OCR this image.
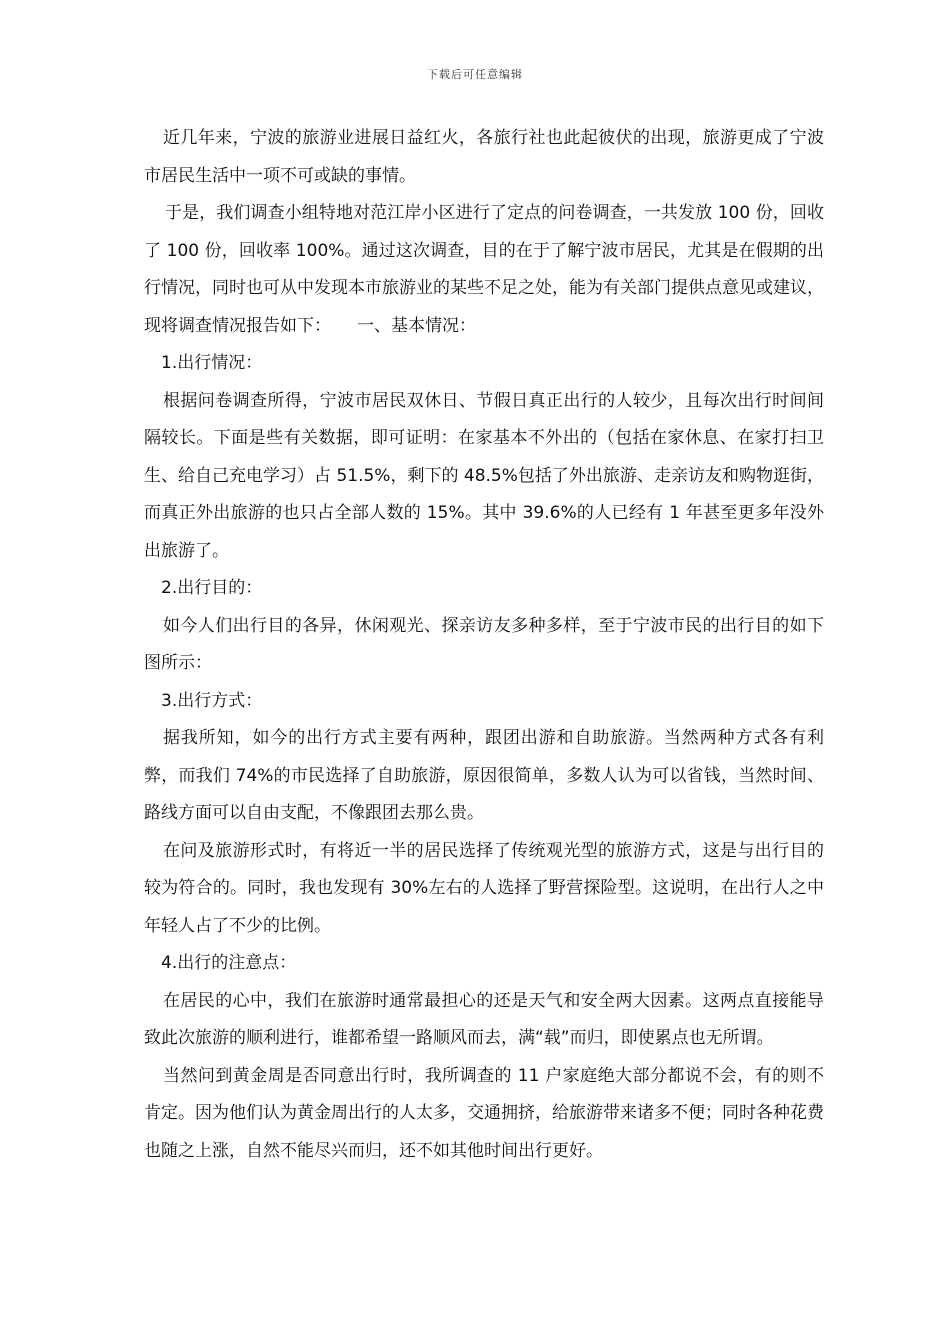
下载后可任意编辑

近几年来，宁波的旅游业进展日益红火，各旅行社也此起彼伏的出现，旅游更成了宁波市居民生活中一项不可或缺的事情。

于是，我们调查小组特地对范江岸小区进行了定点的问卷调查，一共发放 100 份，回收了 100 份，回收率 100%。通过这次调查，目的在于了解宁波市居民，尤其是在假期的出行情况，同时也可从中发现本市旅游业的某些不足之处，能为有关部门提供点意见或建议，现将调查情况报告如下： 一、基本情况：

1.出行情况：

根据问卷调查所得，宁波市居民双休日、节假日真正出行的人较少，且每次出行时间间隔较长。下面是些有关数据，即可证明：在家基本不外出的（包括在家休息、在家打扫卫生、给自己充电学习）占 51.5%，剩下的 48.5%包括了外出旅游、走亲访友和购物逛街，而真正外出旅游的也只占全部人数的 15%。其中 39.6%的人已经有 1 年甚至更多年没外出旅游了。

2.出行目的：

如今人们出行目的各异，休闲观光、探亲访友多种多样，至于宁波市民的出行目的如下图所示：

3.出行方式：

据我所知，如今的出行方式主要有两种，跟团出游和自助旅游。当然两种方式各有利弊，而我们 74%的市民选择了自助旅游，原因很简单，多数人认为可以省钱，当然时间、路线方面可以自由支配，不像跟团去那么贵。

在问及旅游形式时，有将近一半的居民选择了传统观光型的旅游方式，这是与出行目的较为符合的。同时，我也发现有 30%左右的人选择了野营探险型。这说明，在出行人之中年轻人占了不少的比例。

4.出行的注意点：

在居民的心中，我们在旅游时通常最担心的还是天气和安全两大因素。这两点直接能导致此次旅游的顺利进行，谁都希望一路顺风而去，满“载”而归，即使累点也无所谓。

当然问到黄金周是否同意出行时，我所调查的 11 户家庭绝大部分都说不会，有的则不肯定。因为他们认为黄金周出行的人太多，交通拥挤，给旅游带来诸多不便；同时各种花费也随之上涨，自然不能尽兴而归，还不如其他时间出行更好。
